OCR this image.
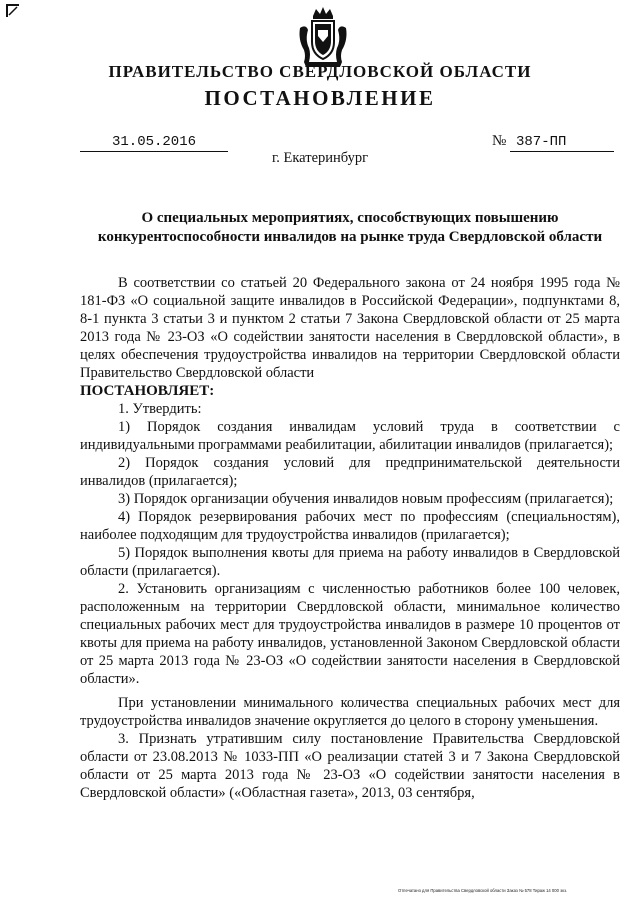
ПРАВИТЕЛЬСТВО СВЕРДЛОВСКОЙ ОБЛАСТИ
ПОСТАНОВЛЕНИЕ
31.05.2016	№ 387-ПП
г. Екатеринбург
О специальных мероприятиях, способствующих повышению конкурентоспособности инвалидов на рынке труда Свердловской области

В соответствии со статьей 20 Федерального закона от 24 ноября 1995 года № 181-ФЗ «О социальной защите инвалидов в Российской Федерации», подпунктами 8, 8-1 пункта 3 статьи 3 и пунктом 2 статьи 7 Закона Свердловской области от 25 марта 2013 года № 23-ОЗ «О содействии занятости населения в Свердловской области», в целях обеспечения трудоустройства инвалидов на территории Свердловской области Правительство Свердловской области

ПОСТАНОВЛЯЕТ:

1. Утвердить:

1) Порядок создания инвалидам условий труда в соответствии с индивидуальными программами реабилитации, абилитации инвалидов (прилагается);

2) Порядок создания условий для предпринимательской деятельности инвалидов (прилагается);

3) Порядок организации обучения инвалидов новым профессиям (прилагается);

4) Порядок резервирования рабочих мест по профессиям (специальностям), наиболее подходящим для трудоустройства инвалидов (прилагается);

5) Порядок выполнения квоты для приема на работу инвалидов в Свердловской области (прилагается).

2. Установить организациям с численностью работников более 100 человек, расположенным на территории Свердловской области, минимальное количество специальных рабочих мест для трудоустройства инвалидов в размере 10 процентов от квоты для приема на работу инвалидов, установленной Законом Свердловской области от 25 марта 2013 года № 23-ОЗ «О содействии занятости населения в Свердловской области».

При установлении минимального количества специальных рабочих мест для трудоустройства инвалидов значение округляется до целого в сторону уменьшения.

3. Признать утратившим силу постановление Правительства Свердловской области от 23.08.2013 № 1033-ПП «О реализации статей 3 и 7 Закона Свердловской области от 25 марта 2013 года № 23-ОЗ «О содействии занятости населения в Свердловской области» («Областная газета», 2013, 03 сентября,

Отпечатано для Правительства Свердловской области Заказ № 578 Тираж 14 000 экз.
